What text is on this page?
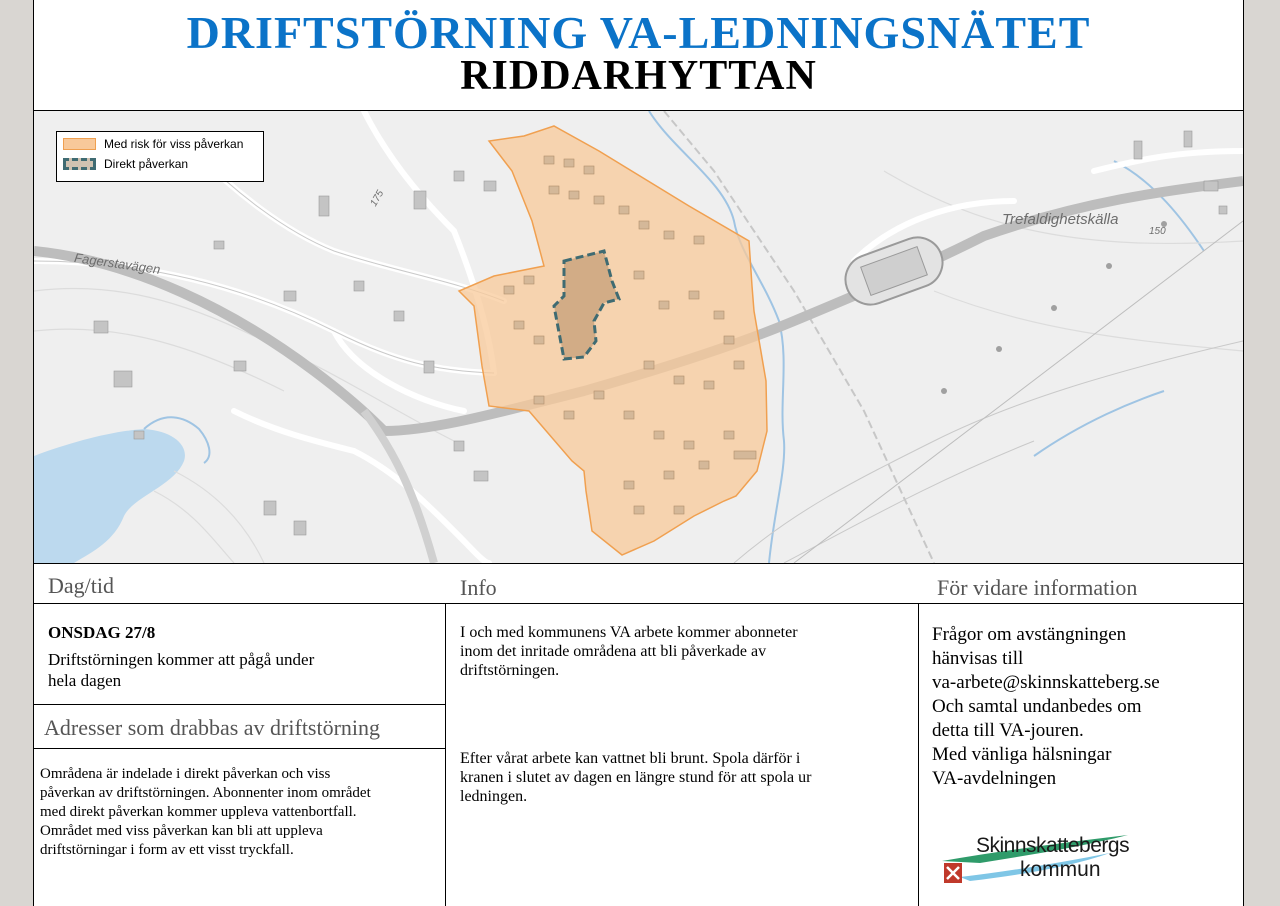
DRIFTSTÖRNING VA-LEDNINGSNÄTET
RIDDARHYTTAN
Med risk för viss påverkan
Direkt påverkan
Fagerstavägen
Trefaldighetskälla
175
150
Dag/tid	Info	För vidare information
ONSDAG 27/8
Driftstörningen kommer att pågå under
hela dagen
Adresser som drabbas av driftstörning
Områdena är indelade i direkt påverkan och viss
påverkan av driftstörningen. Abonnenter inom området
med direkt påverkan kommer uppleva vattenbortfall.
Området med viss påverkan kan bli att uppleva
driftstörningar i form av ett visst tryckfall.
I och med kommunens VA arbete kommer abonneter
inom det inritade områdena att bli påverkade av
driftstörningen.
Efter vårat arbete kan vattnet bli brunt. Spola därför i
kranen i slutet av dagen en längre stund för att spola ur
ledningen.
Frågor om avstängningen
hänvisas till
va-arbete@skinnskatteberg.se
Och samtal undanbedes om
detta till VA-jouren.
Med vänliga hälsningar
VA-avdelningen
Skinnskattebergs
kommun
